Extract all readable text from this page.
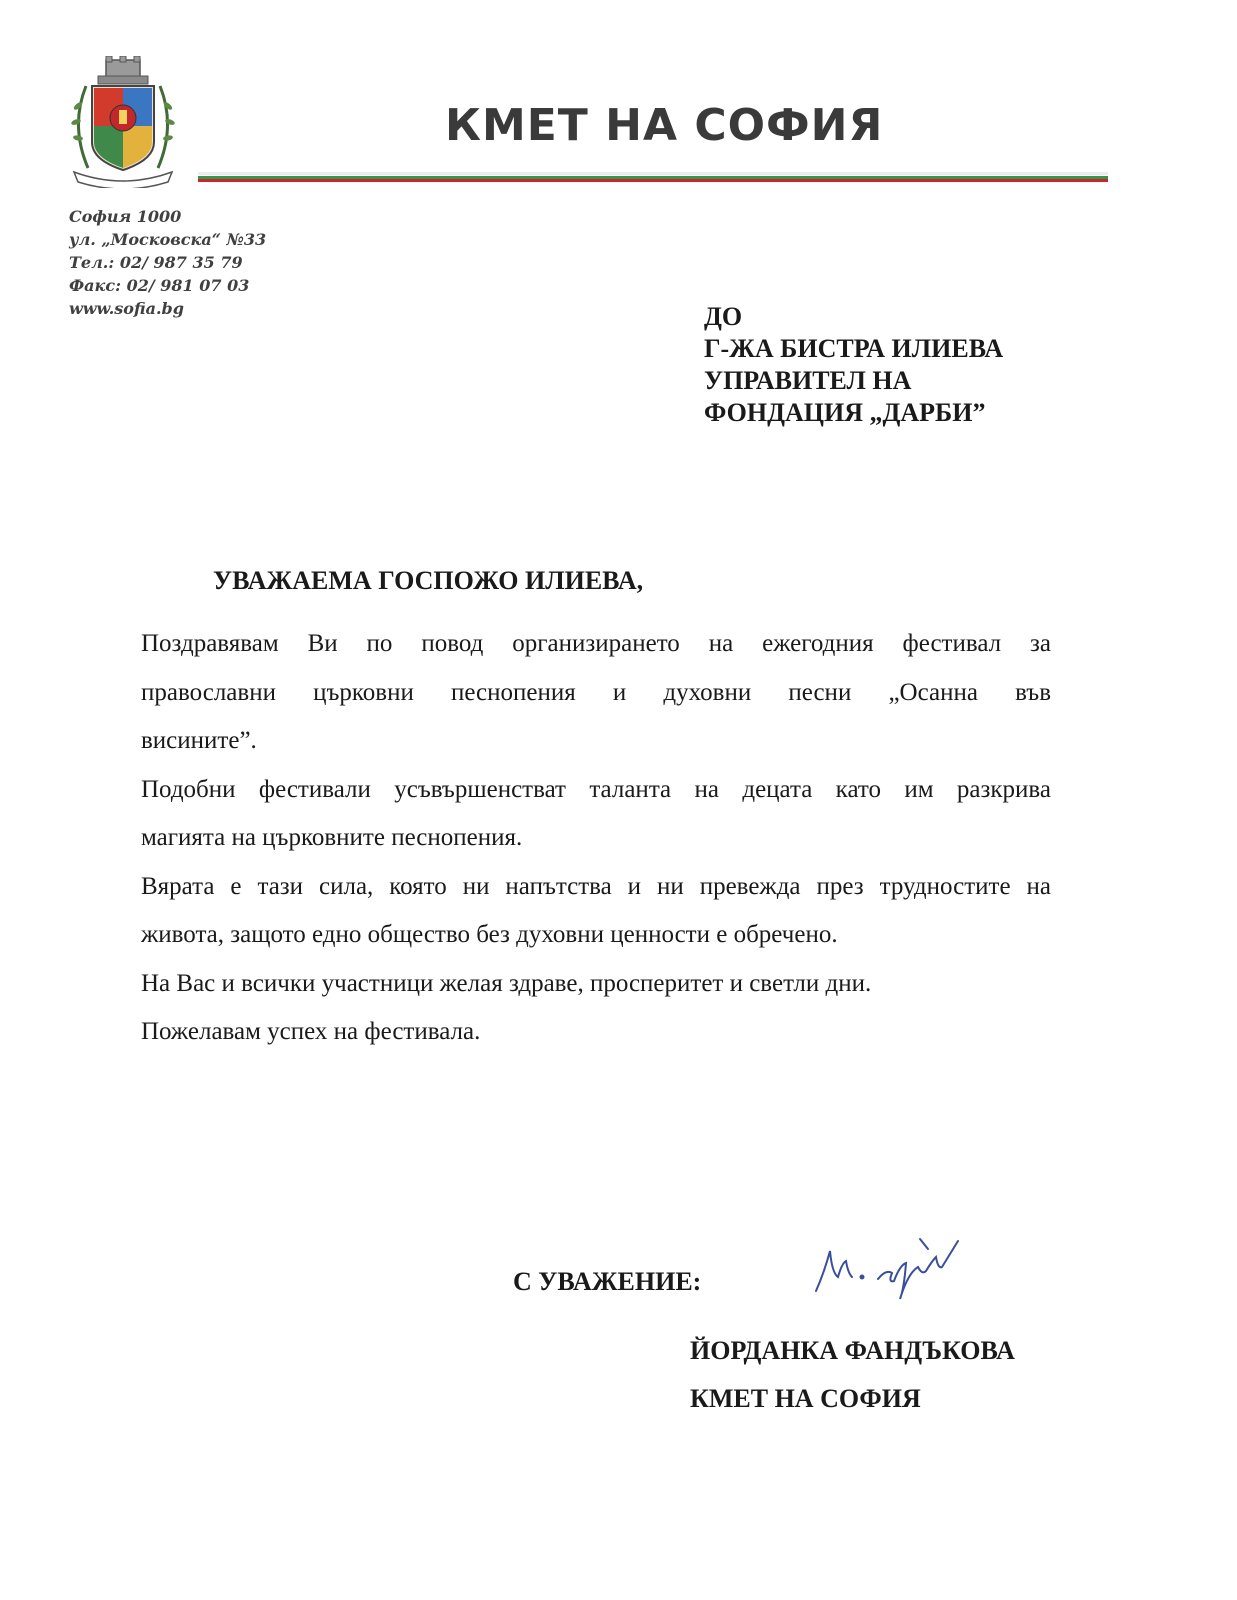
КМЕТ НА СОФИЯ
София 1000
ул. „Московска“ №33
Тел.: 02/ 987 35 79
Факс: 02/ 981 07 03
www.sofia.bg	ДО
Г-ЖА БИСТРА ИЛИЕВА
УПРАВИТЕЛ НА
ФОНДАЦИЯ „ДАРБИ”
УВАЖАЕМА ГОСПОЖО ИЛИЕВА,

Поздравявам Ви по повод организирането на ежегодния фестивал за

православни църковни песнопения и духовни песни „Осанна във

висините”.

Подобни фестивали усъвършенстват таланта на децата като им разкрива

магията на църковните песнопения.

Вярата е тази сила, която ни напътства и ни превежда през трудностите на

живота, защото едно общество без духовни ценности е обречено.

На Вас и всички участници желая здраве, просперитет и светли дни.

Пожелавам успех на фестивала.

С УВАЖЕНИЕ:

ЙОРДАНКА ФАНДЪКОВА
КМЕТ НА СОФИЯ
